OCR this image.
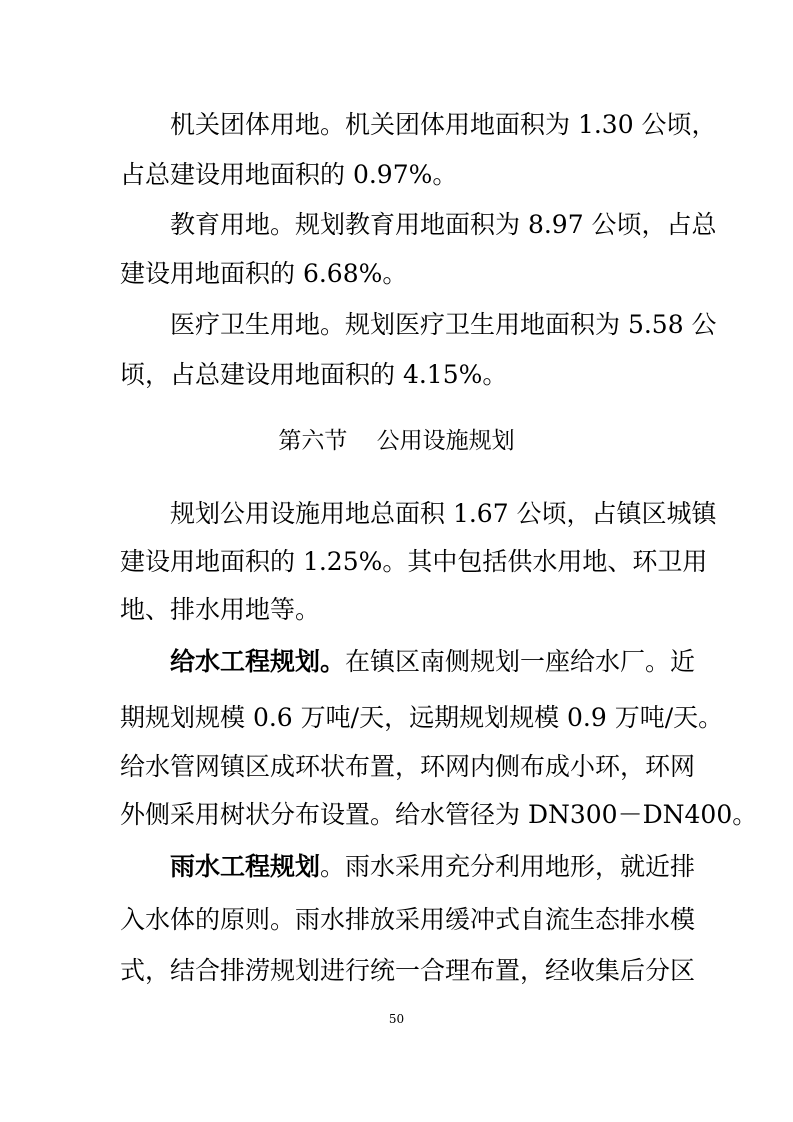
机关团体用地。机关团体用地面积为 1.30 公顷，
占总建设用地面积的 0.97%。
教育用地。规划教育用地面积为 8.97 公顷，占总
建设用地面积的 6.68%。
医疗卫生用地。规划医疗卫生用地面积为 5.58 公
顷，占总建设用地面积的 4.15%。
第六节    公用设施规划
规划公用设施用地总面积 1.67 公顷，占镇区城镇
建设用地面积的 1.25%。其中包括供水用地、环卫用
地、排水用地等。
给水工程规划。在镇区南侧规划一座给水厂。近
期规划规模 0.6 万吨/天，远期规划规模 0.9 万吨/天。
给水管网镇区成环状布置，环网内侧布成小环，环网
外侧采用树状分布设置。给水管径为 DN300－DN400。
雨水工程规划。雨水采用充分利用地形，就近排
入水体的原则。雨水排放采用缓冲式自流生态排水模
式，结合排涝规划进行统一合理布置，经收集后分区
50
